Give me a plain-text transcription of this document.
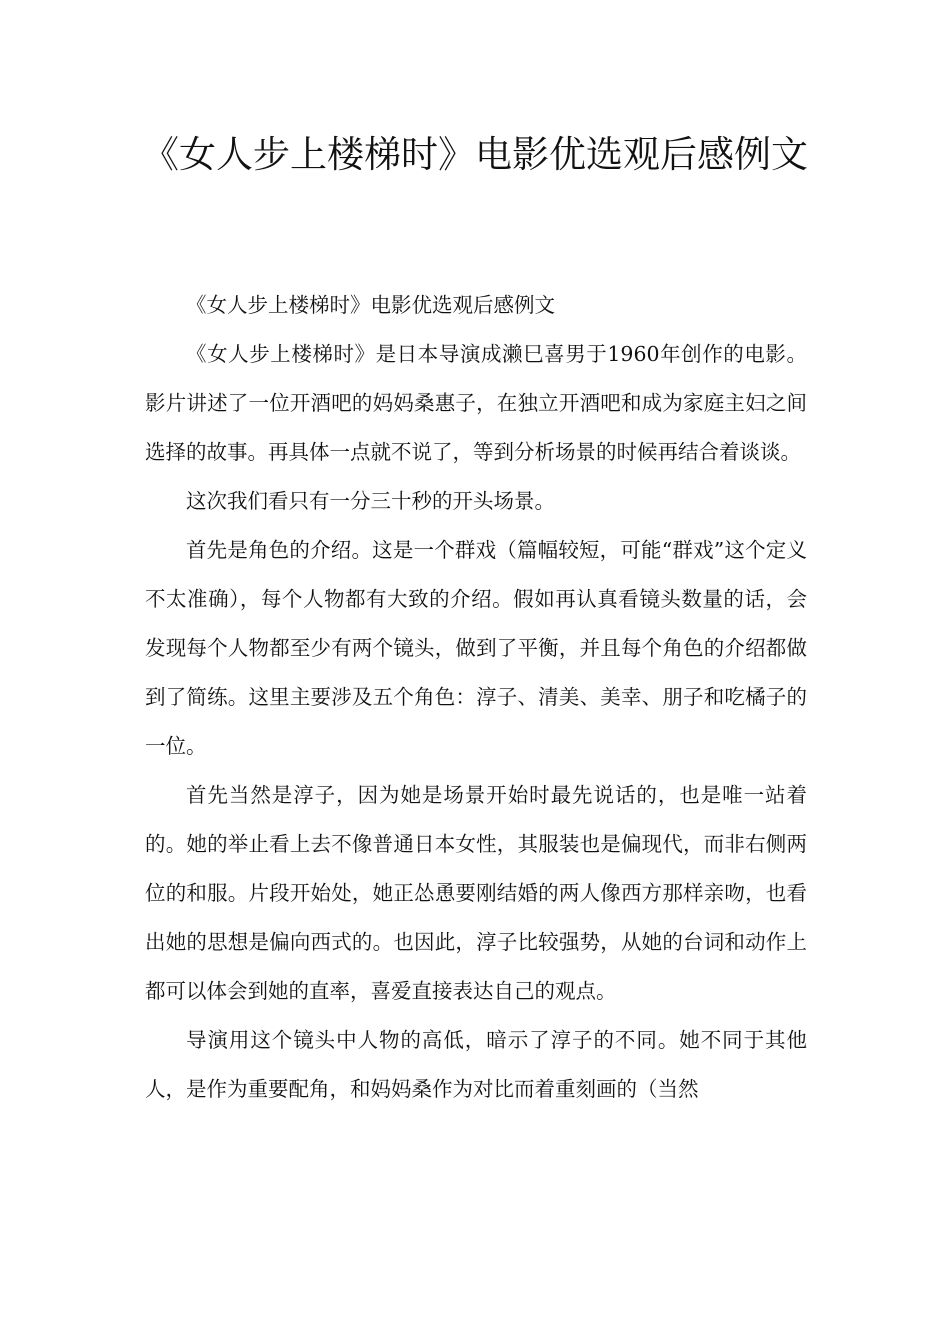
《女人步上楼梯时》电影优选观后感例文

《女人步上楼梯时》电影优选观后感例文

《女人步上楼梯时》是日本导演成濑巳喜男于1960年创作的电影。影片讲述了一位开酒吧的妈妈桑惠子，在独立开酒吧和成为家庭主妇之间选择的故事。再具体一点就不说了，等到分析场景的时候再结合着谈谈。

这次我们看只有一分三十秒的开头场景。

首先是角色的介绍。这是一个群戏（篇幅较短，可能“群戏”这个定义不太准确），每个人物都有大致的介绍。假如再认真看镜头数量的话，会发现每个人物都至少有两个镜头，做到了平衡，并且每个角色的介绍都做到了简练。这里主要涉及五个角色：淳子、清美、美幸、朋子和吃橘子的一位。

首先当然是淳子，因为她是场景开始时最先说话的，也是唯一站着的。她的举止看上去不像普通日本女性，其服装也是偏现代，而非右侧两位的和服。片段开始处，她正怂恿要刚结婚的两人像西方那样亲吻，也看出她的思想是偏向西式的。也因此，淳子比较强势，从她的台词和动作上都可以体会到她的直率，喜爱直接表达自己的观点。

导演用这个镜头中人物的高低，暗示了淳子的不同。她不同于其他人，是作为重要配角，和妈妈桑作为对比而着重刻画的（当然
